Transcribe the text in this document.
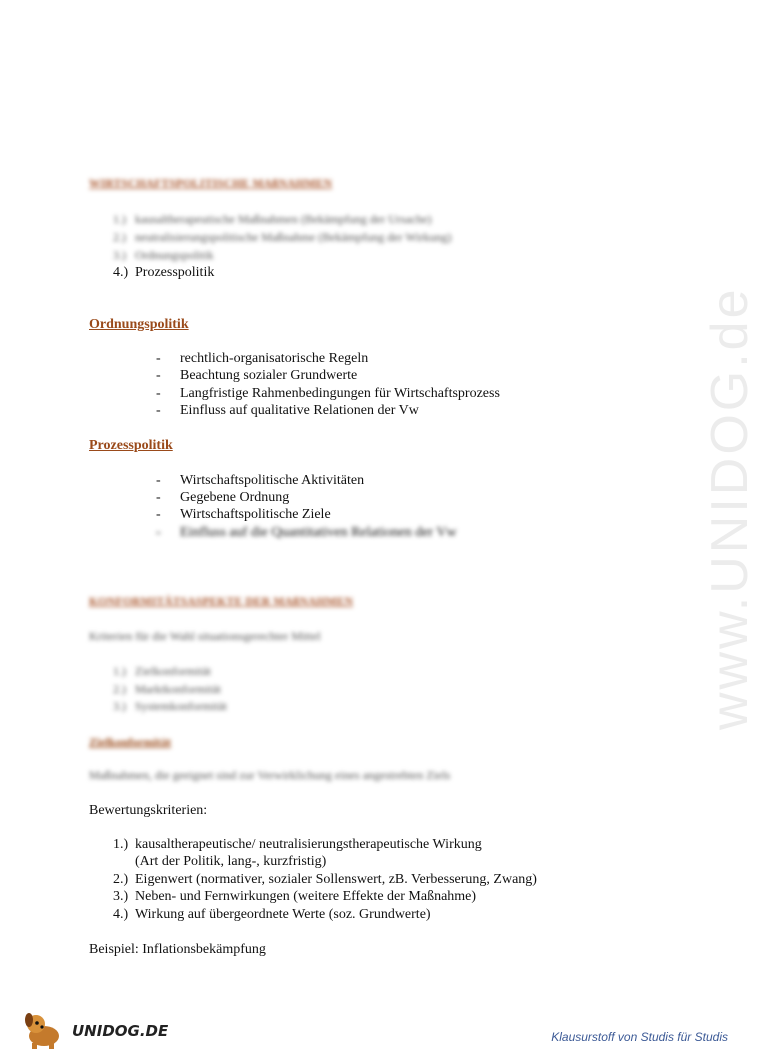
www.UNIDOG.de
WIRTSCHAFTSPOLITISCHE MAßNAHMEN
1.) kausaltherapeutische Maßnahmen (Bekämpfung der Ursache)
2.) neutralisierungspolitische Maßnahme (Bekämpfung der Wirkung)
3.) Ordnungspolitik
4.) Prozesspolitik
Ordnungspolitik
- rechtlich-organisatorische Regeln
- Beachtung sozialer Grundwerte
- Langfristige Rahmenbedingungen für Wirtschaftsprozess
- Einfluss auf qualitative Relationen der Vw
Prozesspolitik
- Wirtschaftspolitische Aktivitäten
- Gegebene Ordnung
- Wirtschaftspolitische Ziele
- Einfluss auf die Quantitativen Relationen der Vw
KONFORMITÄTSASPEKTE DER MAßNAHMEN
Kriterien für die Wahl situationsgerechter Mittel
1.) Zielkonformität
2.) Marktkonformität
3.) Systemkonformität
Zielkonformität
Maßnahmen, die geeignet sind zur Verwirklichung eines angestrebten Ziels
Bewertungskriterien:
1.) kausaltherapeutische/ neutralisierungstherapeutische Wirkung
(Art der Politik, lang-, kurzfristig)
2.) Eigenwert (normativer, sozialer Sollenswert, zB. Verbesserung, Zwang)
3.) Neben- und Fernwirkungen (weitere Effekte der Maßnahme)
4.) Wirkung auf übergeordnete Werte (soz. Grundwerte)
Beispiel: Inflationsbekämpfung
UNIDOG.DE	Klausurstoff von Studis für Studis
